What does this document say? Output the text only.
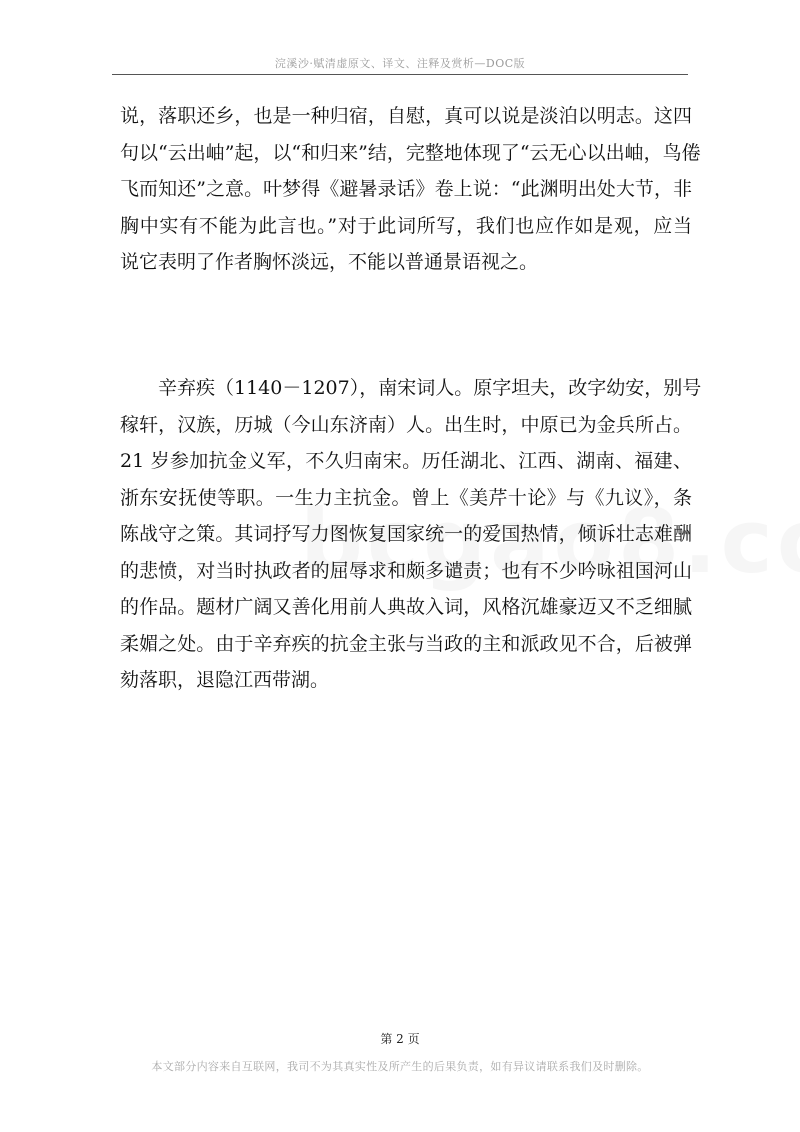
浣溪沙·赋清虚原文、译文、注释及赏析—DOC版
说，落职还乡，也是一种归宿，自慰，真可以说是淡泊以明志。这四
句以“云出岫”起，以“和归来”结，完整地体现了“云无心以出岫，鸟倦
飞而知还”之意。叶梦得《避暑录话》卷上说：“此渊明出处大节，非
胸中实有不能为此言也。”对于此词所写，我们也应作如是观，应当
说它表明了作者胸怀淡远，不能以普通景语视之。
辛弃疾（1140－1207），南宋词人。原字坦夫，改字幼安，别号
稼轩，汉族，历城（今山东济南）人。出生时，中原已为金兵所占。
21 岁参加抗金义军，不久归南宋。历任湖北、江西、湖南、福建、
浙东安抚使等职。一生力主抗金。曾上《美芹十论》与《九议》，条
陈战守之策。其词抒写力图恢复国家统一的爱国热情，倾诉壮志难酬
的悲愤，对当时执政者的屈辱求和颇多谴责；也有不少吟咏祖国河山
的作品。题材广阔又善化用前人典故入词，风格沉雄豪迈又不乏细腻
柔媚之处。由于辛弃疾的抗金主张与当政的主和派政见不合，后被弹
劾落职，退隐江西带湖。
第 2 页
本文部分内容来自互联网，我司不为其真实性及所产生的后果负责，如有异议请联系我们及时删除。
